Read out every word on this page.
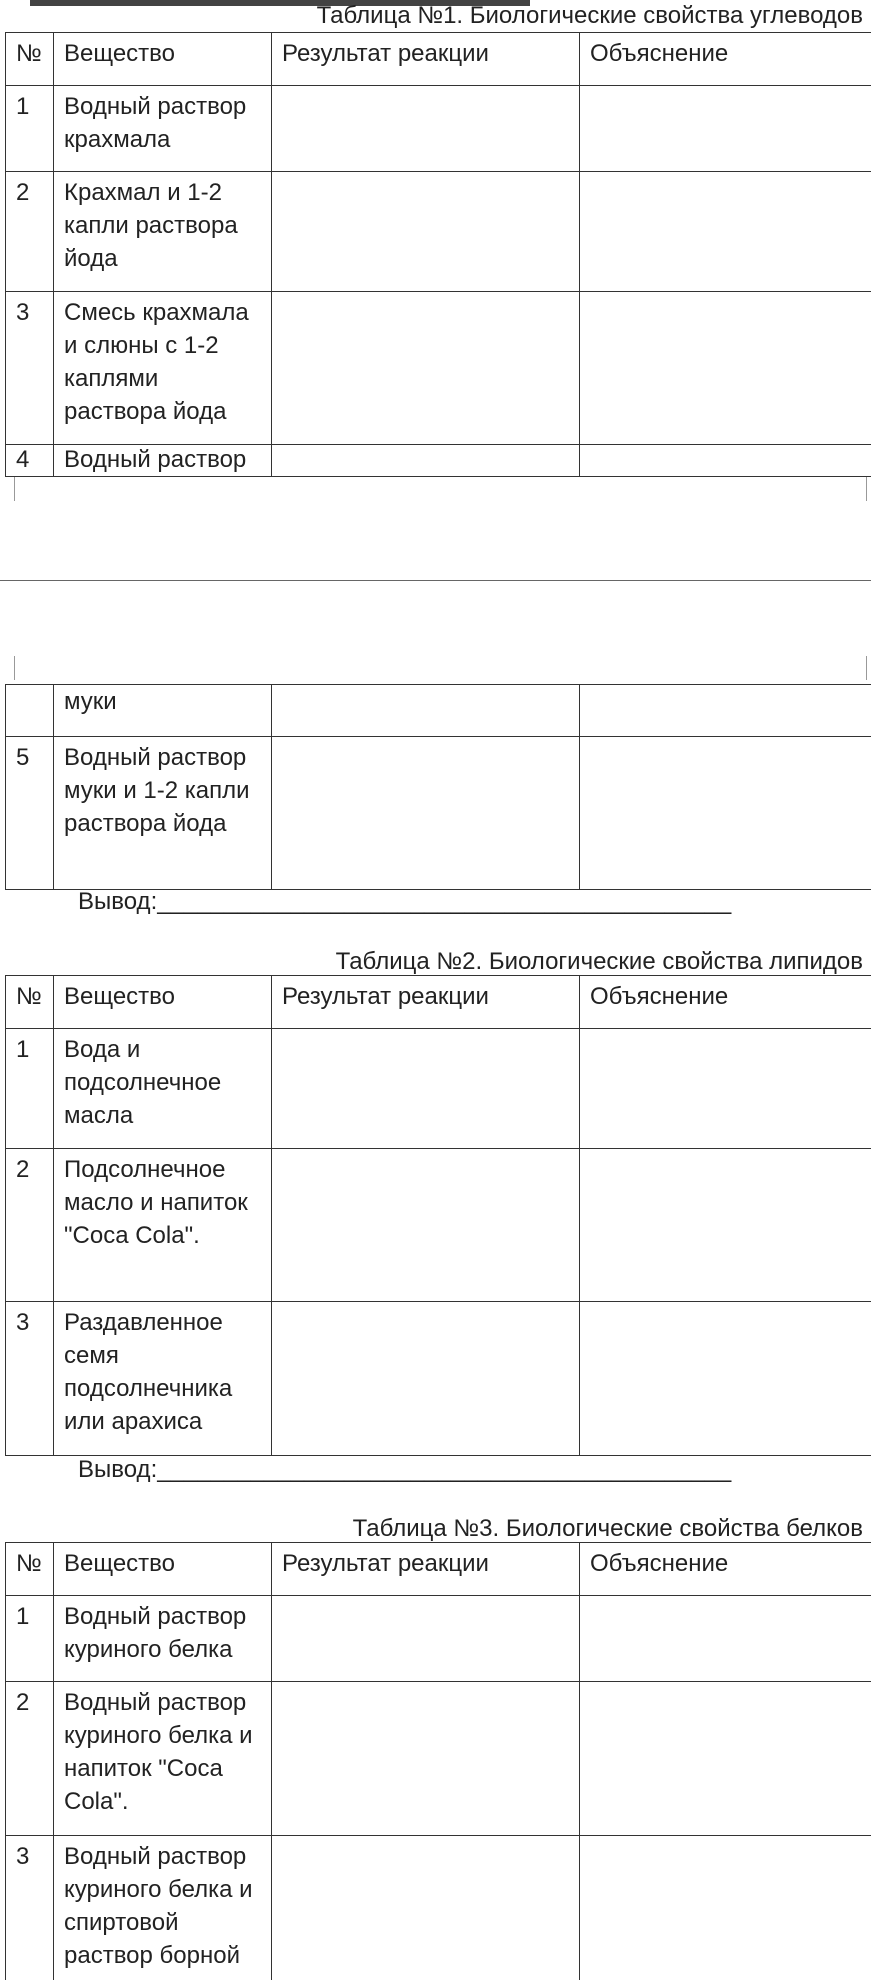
Таблица №1. Биологические свойства углеводов
№	Вещество	Результат реакции	Объяснение
1	Водный раствор крахмала		
2	Крахмал и 1-2 капли раствора йода		
3	Смесь крахмала и слюны с 1-2 каплями раствора йода		
4	Водный раствор		
	муки		
5	Водный раствор муки и 1-2 капли раствора йода		
Вывод:___________________________________________
Таблица №2. Биологические свойства липидов
№	Вещество	Результат реакции	Объяснение
1	Вода и подсолнечное масла		
2	Подсолнечное масло и напиток "Coca Cola".		
3	Раздавленное семя подсолнечника или арахиса		
Вывод:___________________________________________
Таблица №3. Биологические свойства белков
№	Вещество	Результат реакции	Объяснение
1	Водный раствор куриного белка		
2	Водный раствор куриного белка и напиток "Coca Cola".		
3	Водный раствор куриного белка и спиртовой раствор борной		
